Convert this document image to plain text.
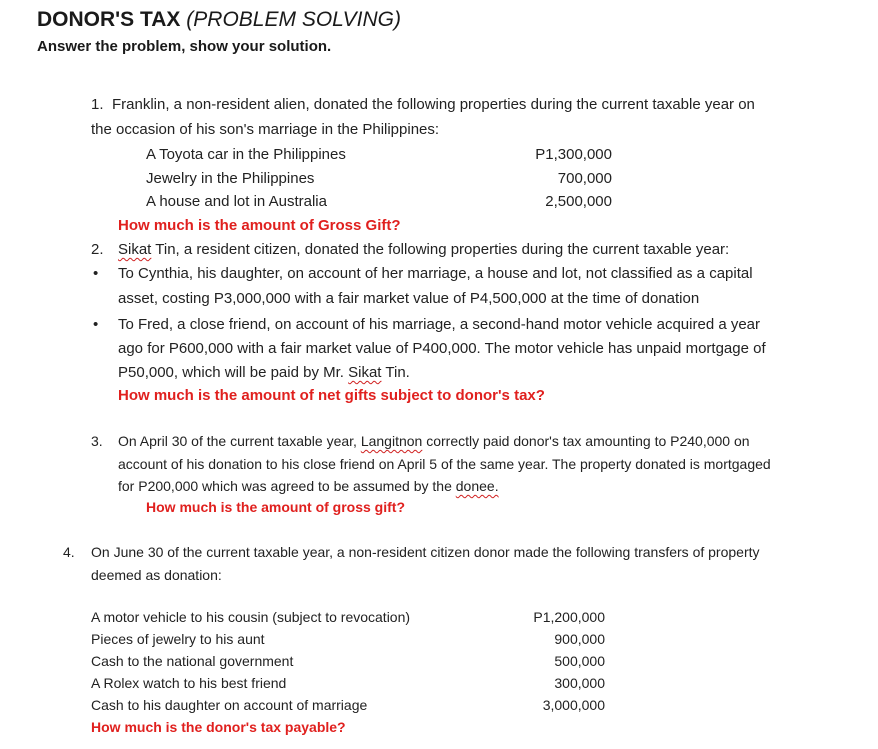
DONOR'S TAX (PROBLEM SOLVING)
Answer the problem, show your solution.
1. Franklin, a non-resident alien, donated the following properties during the current taxable year on
the occasion of his son's marriage in the Philippines:
A Toyota car in the Philippines	P1,300,000
Jewelry in the Philippines	700,000
A house and lot in Australia	2,500,000
How much is the amount of Gross Gift?
2. Sikat Tin, a resident citizen, donated the following properties during the current taxable year:
• To Cynthia, his daughter, on account of her marriage, a house and lot, not classified as a capital
asset, costing P3,000,000 with a fair market value of P4,500,000 at the time of donation
• To Fred, a close friend, on account of his marriage, a second-hand motor vehicle acquired a year
ago for P600,000 with a fair market value of P400,000. The motor vehicle has unpaid mortgage of
P50,000, which will be paid by Mr. Sikat Tin.
How much is the amount of net gifts subject to donor's tax?
3. On April 30 of the current taxable year, Langitnon correctly paid donor's tax amounting to P240,000 on
account of his donation to his close friend on April 5 of the same year. The property donated is mortgaged
for P200,000 which was agreed to be assumed by the donee.
How much is the amount of gross gift?
4. On June 30 of the current taxable year, a non-resident citizen donor made the following transfers of property
deemed as donation:
A motor vehicle to his cousin (subject to revocation)	P1,200,000
Pieces of jewelry to his aunt	900,000
Cash to the national government	500,000
A Rolex watch to his best friend	300,000
Cash to his daughter on account of marriage	3,000,000
How much is the donor's tax payable?
